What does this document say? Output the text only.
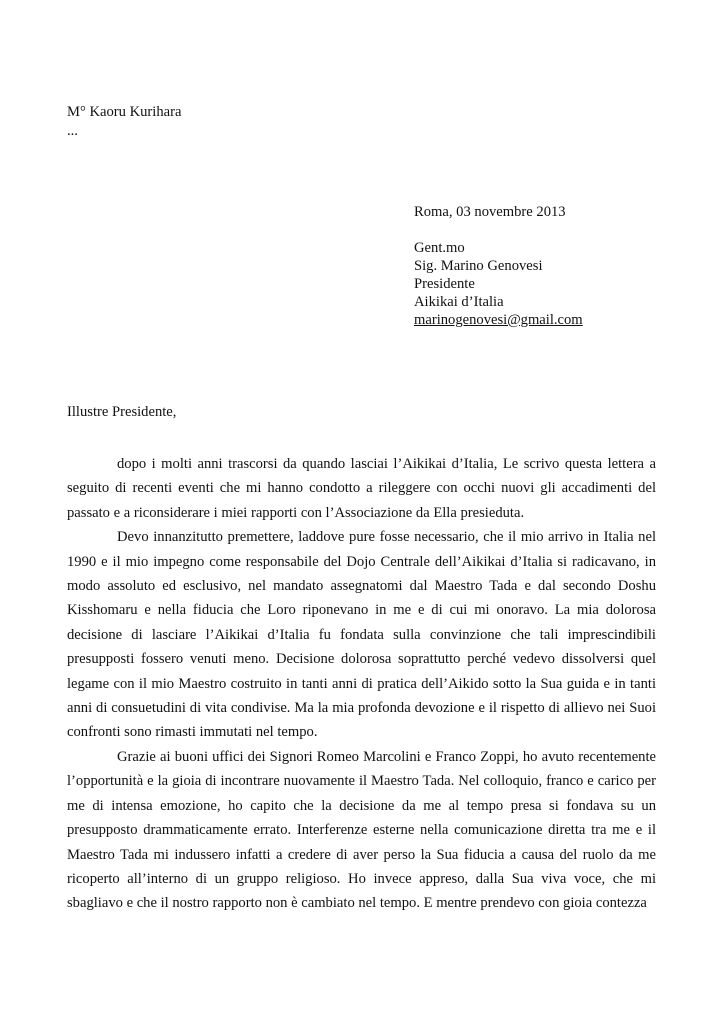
M° Kaoru Kurihara
...
Roma, 03 novembre 2013
Gent.mo
Sig. Marino Genovesi
Presidente
Aikikai d’Italia
marinogenovesi@gmail.com
Illustre Presidente,

dopo i molti anni trascorsi da quando lasciai l’Aikikai d’Italia, Le scrivo questa lettera a seguito di recenti eventi che mi hanno condotto a rileggere con occhi nuovi gli accadimenti del passato e a riconsiderare i miei rapporti con l’Associazione da Ella presieduta.

Devo innanzitutto premettere, laddove pure fosse necessario, che il mio arrivo in Italia nel 1990 e il mio impegno come responsabile del Dojo Centrale dell’Aikikai d’Italia si radicavano, in modo assoluto ed esclusivo, nel mandato assegnatomi dal Maestro Tada e dal secondo Doshu Kisshomaru e nella fiducia che Loro riponevano in me e di cui mi onoravo. La mia dolorosa decisione di lasciare l’Aikikai d’Italia fu fondata sulla convinzione che tali imprescindibili presupposti fossero venuti meno. Decisione dolorosa soprattutto perché vedevo dissolversi quel legame con il mio Maestro costruito in tanti anni di pratica dell’Aikido sotto la Sua guida e in tanti anni di consuetudini di vita condivise. Ma la mia profonda devozione e il rispetto di allievo nei Suoi confronti sono rimasti immutati nel tempo.

Grazie ai buoni uffici dei Signori Romeo Marcolini e Franco Zoppi, ho avuto recentemente l’opportunità e la gioia di incontrare nuovamente il Maestro Tada. Nel colloquio, franco e carico per me di intensa emozione, ho capito che la decisione da me al tempo presa si fondava su un presupposto drammaticamente errato. Interferenze esterne nella comunicazione diretta tra me e il Maestro Tada mi indussero infatti a credere di aver perso la Sua fiducia a causa del ruolo da me ricoperto all’interno di un gruppo religioso. Ho invece appreso, dalla Sua viva voce, che mi sbagliavo e che il nostro rapporto non è cambiato nel tempo. E mentre prendevo con gioia contezza
